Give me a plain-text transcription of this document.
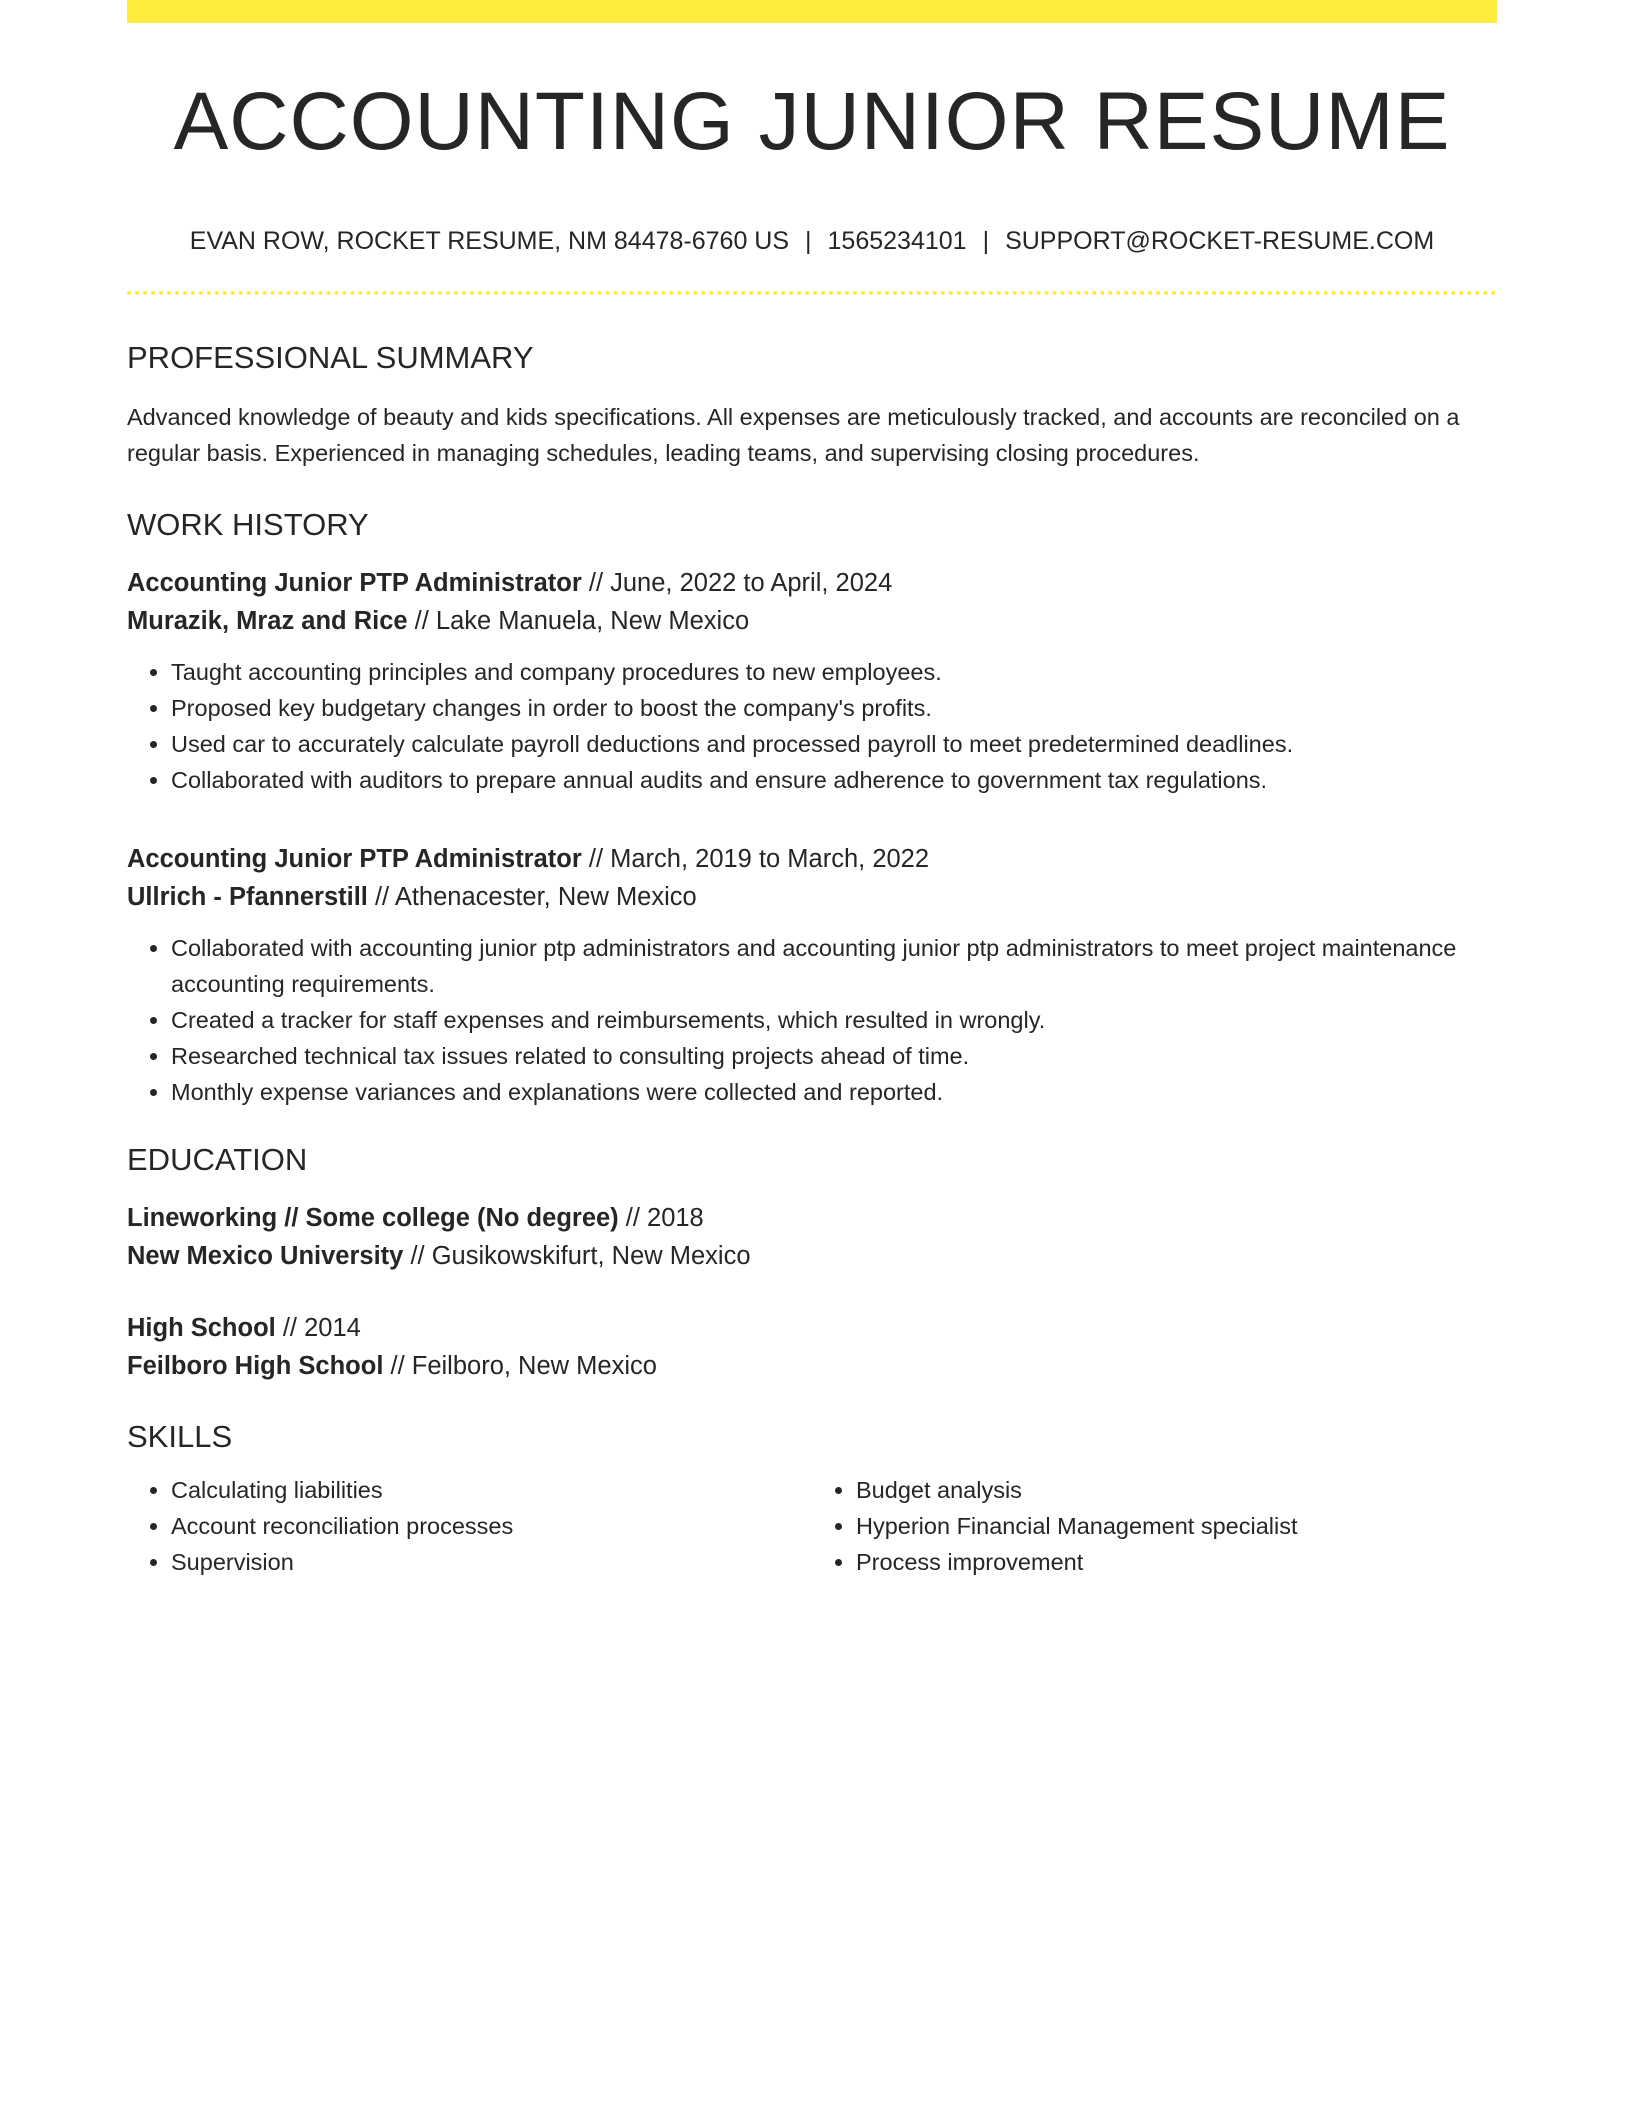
ACCOUNTING JUNIOR RESUME
EVAN ROW, ROCKET RESUME, NM 84478-6760 US | 1565234101 | SUPPORT@ROCKET-RESUME.COM
PROFESSIONAL SUMMARY
Advanced knowledge of beauty and kids specifications. All expenses are meticulously tracked, and accounts are reconciled on a regular basis. Experienced in managing schedules, leading teams, and supervising closing procedures.
WORK HISTORY
Accounting Junior PTP Administrator // June, 2022 to April, 2024
Murazik, Mraz and Rice // Lake Manuela, New Mexico
• Taught accounting principles and company procedures to new employees.
• Proposed key budgetary changes in order to boost the company's profits.
• Used car to accurately calculate payroll deductions and processed payroll to meet predetermined deadlines.
• Collaborated with auditors to prepare annual audits and ensure adherence to government tax regulations.
Accounting Junior PTP Administrator // March, 2019 to March, 2022
Ullrich - Pfannerstill // Athenacester, New Mexico
• Collaborated with accounting junior ptp administrators and accounting junior ptp administrators to meet project maintenance accounting requirements.
• Created a tracker for staff expenses and reimbursements, which resulted in wrongly.
• Researched technical tax issues related to consulting projects ahead of time.
• Monthly expense variances and explanations were collected and reported.
EDUCATION
Lineworking // Some college (No degree) // 2018
New Mexico University // Gusikowskifurt, New Mexico
High School // 2014
Feilboro High School // Feilboro, New Mexico
SKILLS
• Calculating liabilities
• Account reconciliation processes
• Supervision
• Budget analysis
• Hyperion Financial Management specialist
• Process improvement
